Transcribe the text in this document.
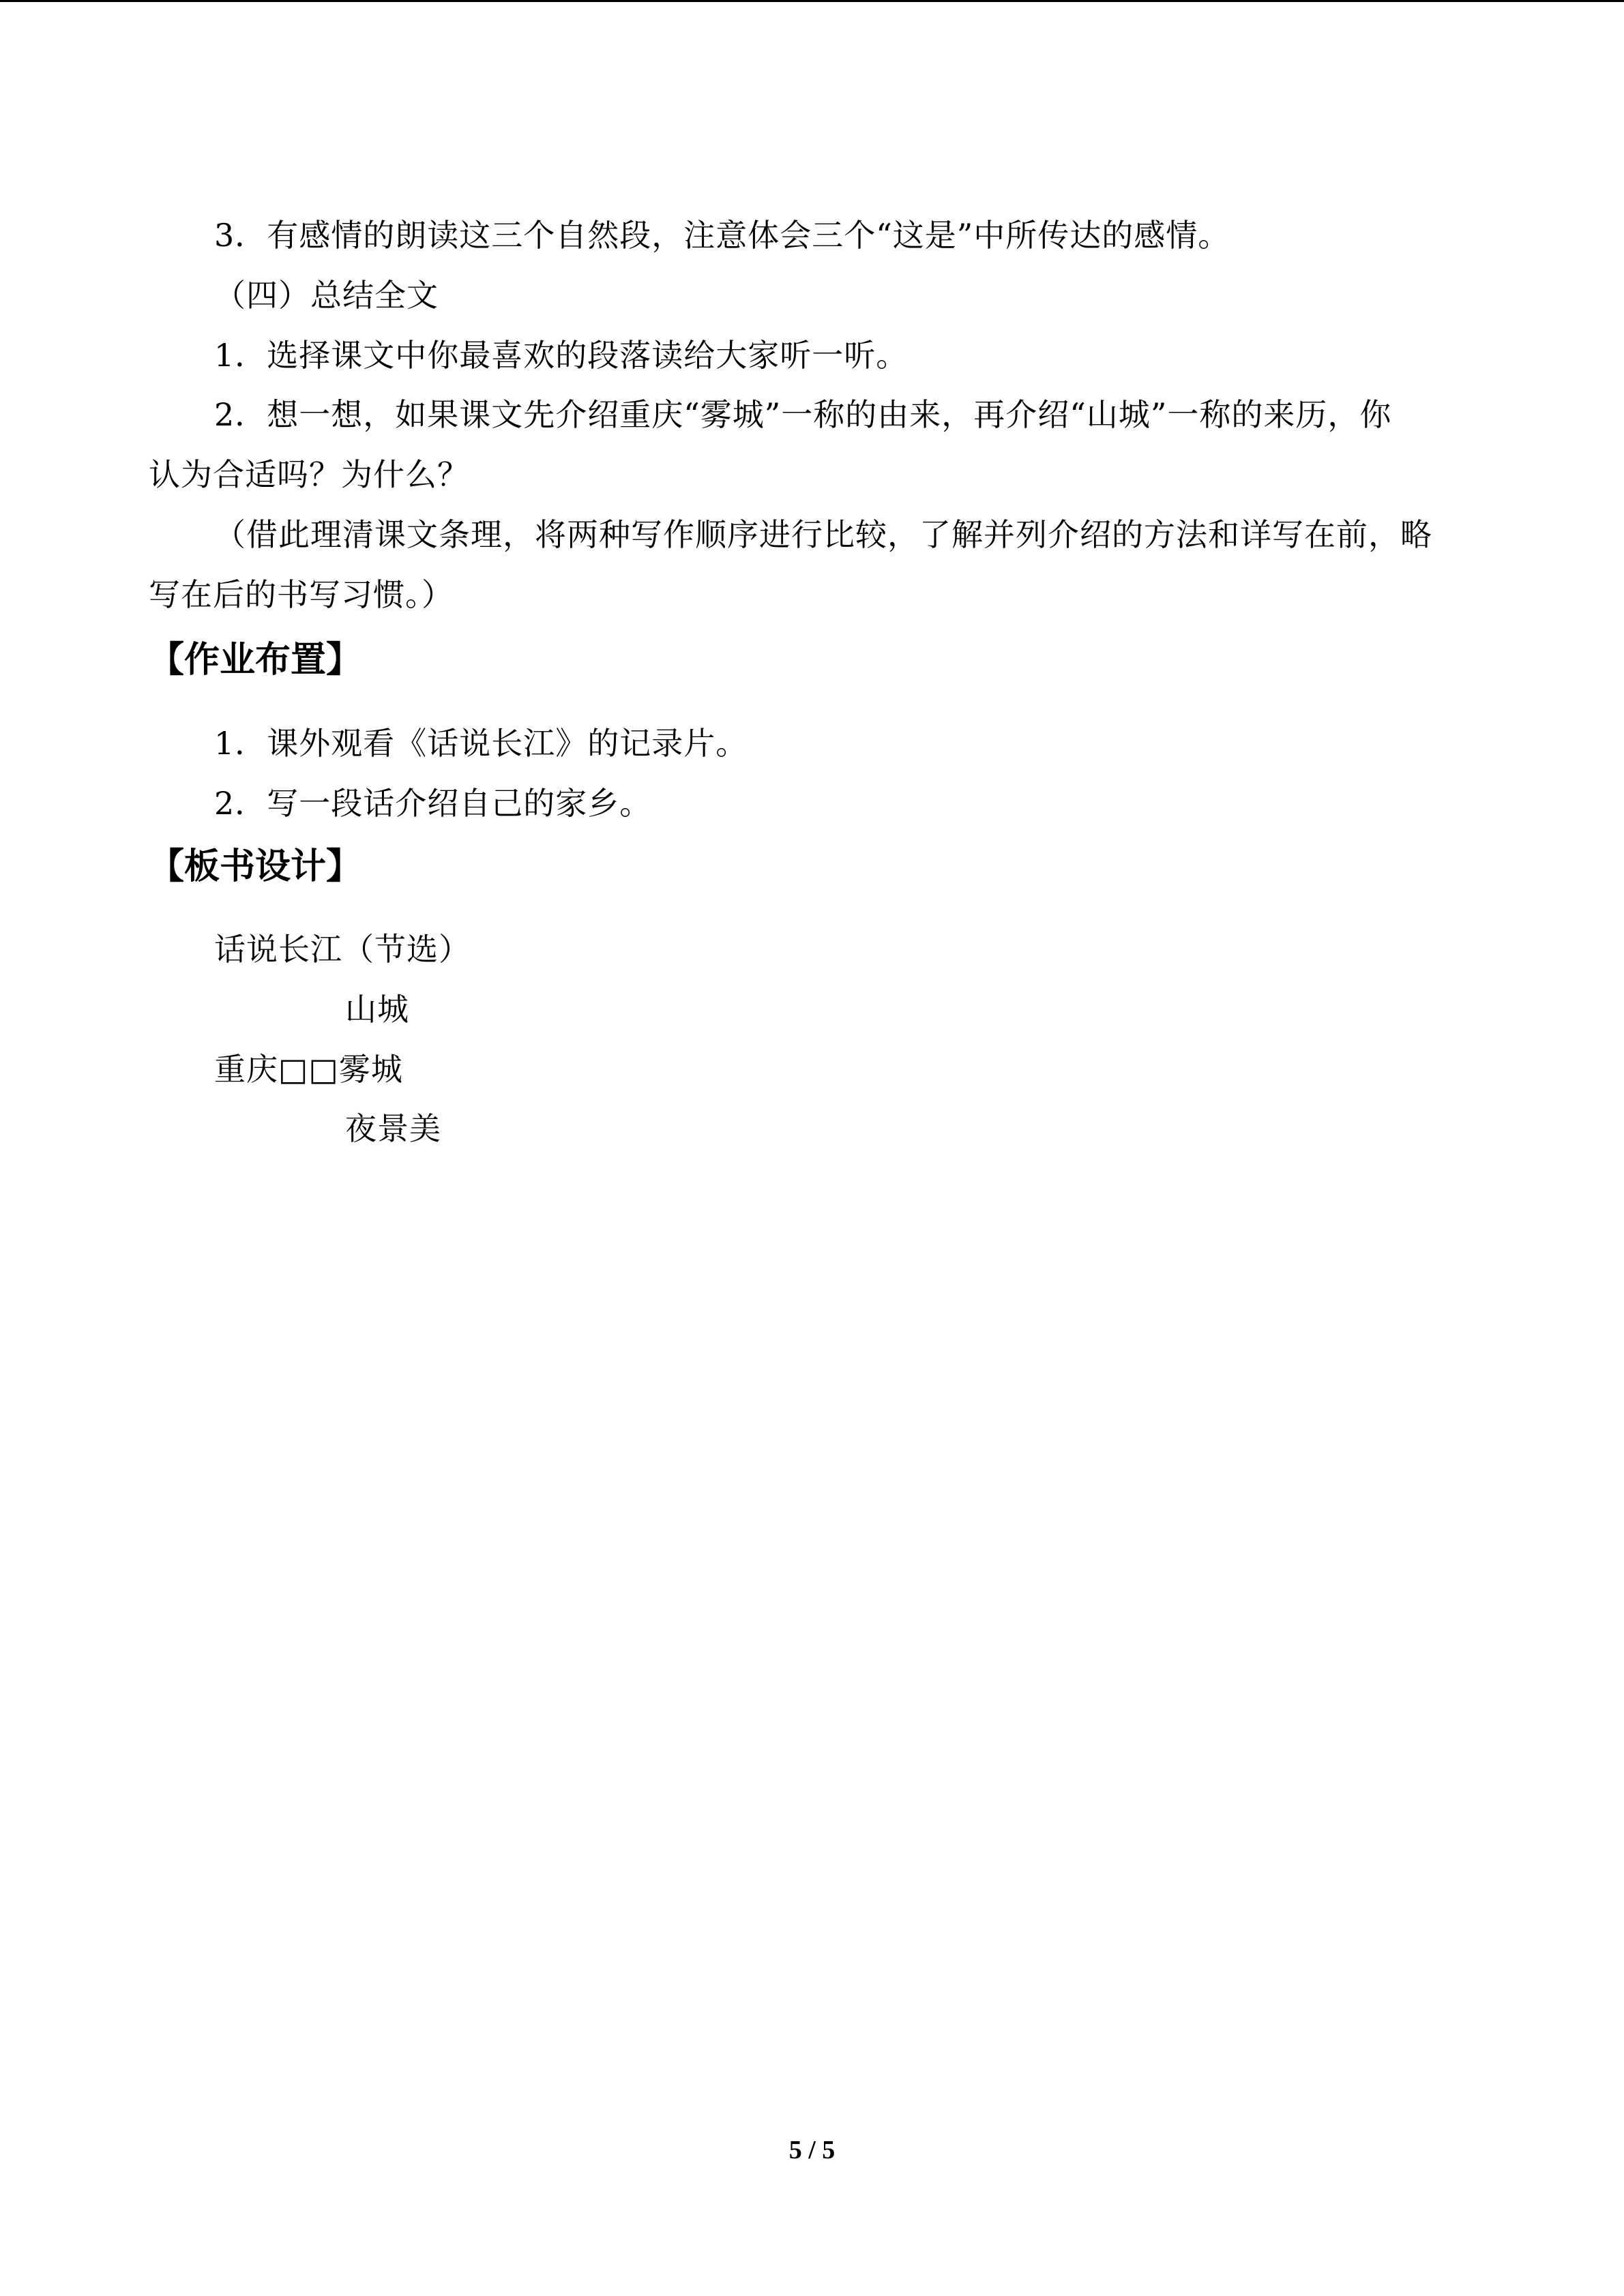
3．有感情的朗读这三个自然段，注意体会三个“这是”中所传达的感情。
（四）总结全文
1．选择课文中你最喜欢的段落读给大家听一听。
2．想一想，如果课文先介绍重庆“雾城”一称的由来，再介绍“山城”一称的来历，你
认为合适吗？为什么？
（借此理清课文条理，将两种写作顺序进行比较，了解并列介绍的方法和详写在前，略
写在后的书写习惯。）
【作业布置】
1．课外观看《话说长江》的记录片。
2．写一段话介绍自己的家乡。
【板书设计】
话说长江（节选）
山城
重庆□□雾城
夜景美
5 / 5
